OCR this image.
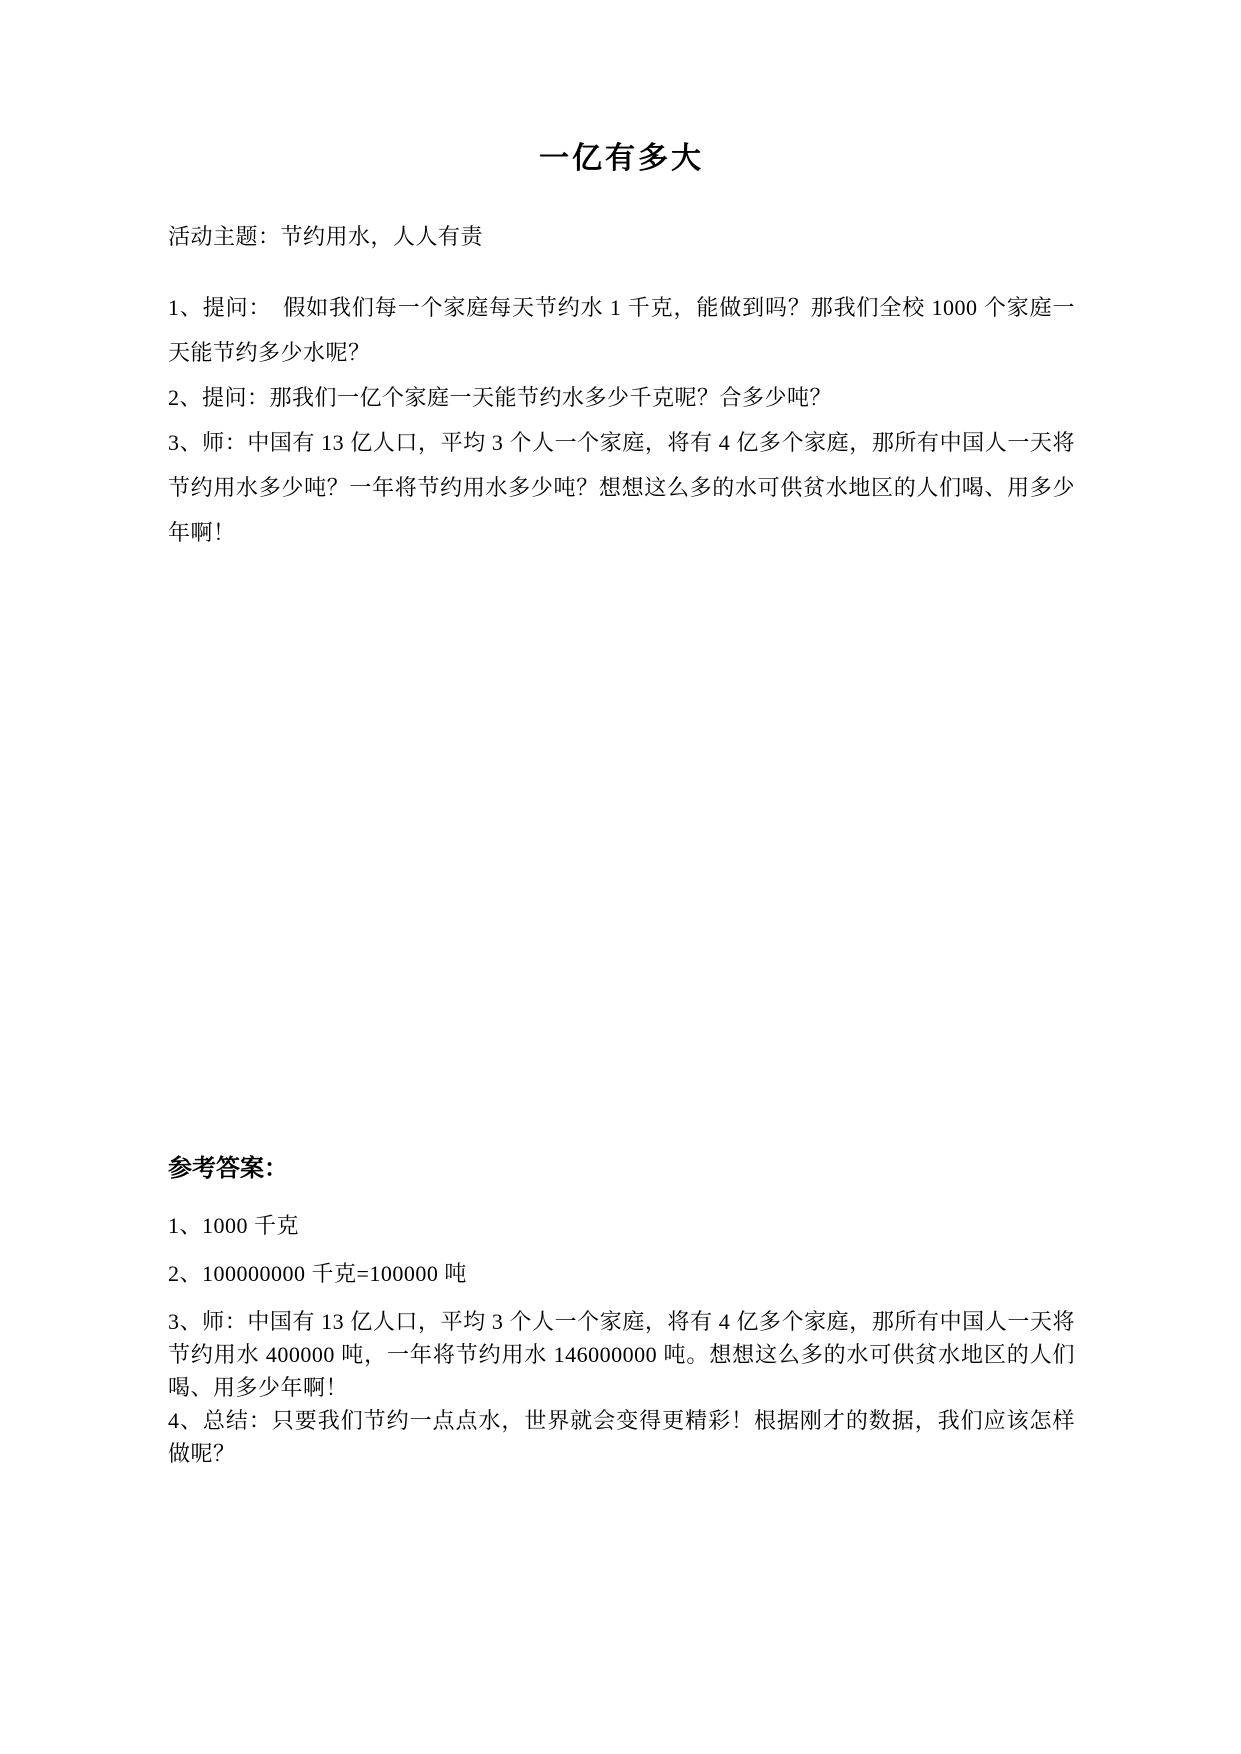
一亿有多大

活动主题：节约用水，人人有责

1、提问：　假如我们每一个家庭每天节约水 1 千克，能做到吗？那我们全校 1000 个家庭一天能节约多少水呢？

2、提问：那我们一亿个家庭一天能节约水多少千克呢？合多少吨？

3、师：中国有 13 亿人口，平均 3 个人一个家庭，将有 4 亿多个家庭，那所有中国人一天将节约用水多少吨？一年将节约用水多少吨？想想这么多的水可供贫水地区的人们喝、用多少年啊！

参考答案：

1、1000 千克

2、100000000 千克=100000 吨

3、师：中国有 13 亿人口，平均 3 个人一个家庭，将有 4 亿多个家庭，那所有中国人一天将节约用水 400000 吨，一年将节约用水 146000000 吨。想想这么多的水可供贫水地区的人们喝、用多少年啊！

4、总结：只要我们节约一点点水，世界就会变得更精彩！根据刚才的数据，我们应该怎样做呢？
